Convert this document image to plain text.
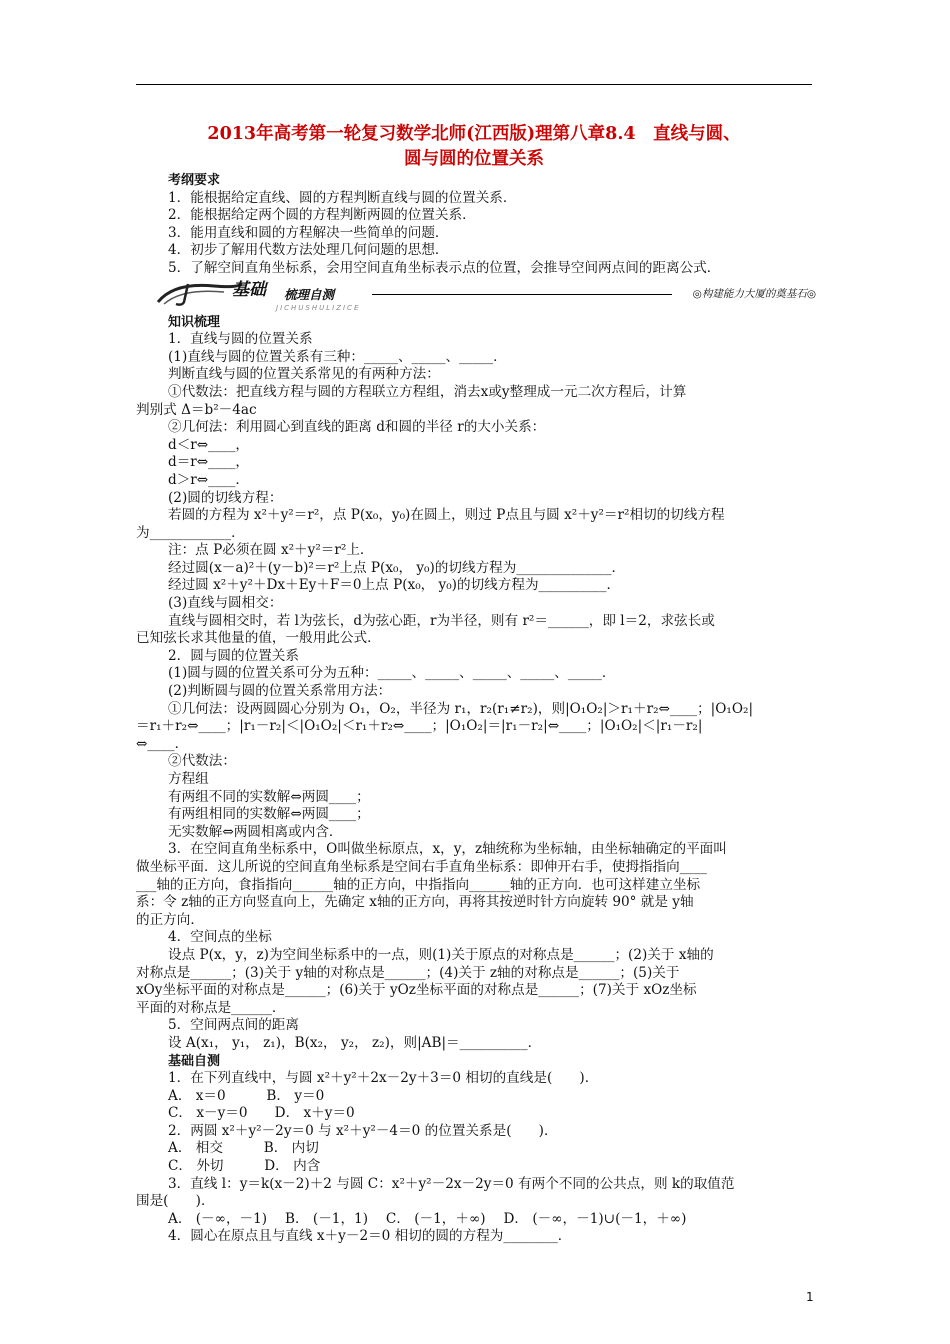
2013年高考第一轮复习数学北师(江西版)理第八章8.4　直线与圆、
圆与圆的位置关系
考纲要求
1．能根据给定直线、圆的方程判断直线与圆的位置关系．
2．能根据给定两个圆的方程判断两圆的位置关系．
3．能用直线和圆的方程解决一些简单的问题．
4．初步了解用代数方法处理几何问题的思想．
5．了解空间直角坐标系，会用空间直角坐标表示点的位置，会推导空间两点间的距离公式．
基础 梳理自测
JICHUSHULIZICE
◎构建能力大厦的奠基石◎
知识梳理
1．直线与圆的位置关系
(1)直线与圆的位置关系有三种：_____、_____、_____．
判断直线与圆的位置关系常见的有两种方法：
①代数法：把直线方程与圆的方程联立方程组，消去x或y整理成一元二次方程后，计算
判别式 Δ＝b²－4ac
②几何法：利用圆心到直线的距离 d和圆的半径 r的大小关系：
d＜r⇔____，
d＝r⇔____，
d＞r⇔____．
(2)圆的切线方程：
若圆的方程为 x²＋y²＝r²，点 P(x₀，y₀)在圆上，则过 P点且与圆 x²＋y²＝r²相切的切线方程
为____________．
注：点 P必须在圆 x²＋y²＝r²上．
经过圆(x－a)²＋(y－b)²＝r²上点 P(x₀， y₀)的切线方程为______________．
经过圆 x²＋y²＋Dx＋Ey＋F＝0上点 P(x₀， y₀)的切线方程为__________．
(3)直线与圆相交：
直线与圆相交时，若 l为弦长，d为弦心距，r为半径，则有 r²＝______，即 l＝2，求弦长或
已知弦长求其他量的值，一般用此公式．
2．圆与圆的位置关系
(1)圆与圆的位置关系可分为五种：_____、_____、_____、_____、_____．
(2)判断圆与圆的位置关系常用方法：
①几何法：设两圆圆心分别为 O₁，O₂，半径为 r₁，r₂(r₁≠r₂)，则|O₁O₂|＞r₁＋r₂⇔____；|O₁O₂|
＝r₁＋r₂⇔____；|r₁－r₂|＜|O₁O₂|＜r₁＋r₂⇔____；|O₁O₂|＝|r₁－r₂|⇔____；|O₁O₂|＜|r₁－r₂|
⇔____．
②代数法：
方程组
有两组不同的实数解⇔两圆____；
有两组相同的实数解⇔两圆____；
无实数解⇔两圆相离或内含．
3．在空间直角坐标系中，O叫做坐标原点，x，y，z轴统称为坐标轴，由坐标轴确定的平面叫
做坐标平面．这儿所说的空间直角坐标系是空间右手直角坐标系：即伸开右手，使拇指指向____
___轴的正方向，食指指向______轴的正方向，中指指向______轴的正方向．也可这样建立坐标
系：令 z轴的正方向竖直向上，先确定 x轴的正方向，再将其按逆时针方向旋转 90° 就是 y轴
的正方向．
4．空间点的坐标
设点 P(x，y，z)为空间坐标系中的一点，则(1)关于原点的对称点是______；(2)关于 x轴的
对称点是______；(3)关于 y轴的对称点是______；(4)关于 z轴的对称点是______；(5)关于
xOy坐标平面的对称点是______；(6)关于 yOz坐标平面的对称点是______；(7)关于 xOz坐标
平面的对称点是______．
5．空间两点间的距离
设 A(x₁， y₁， z₁)，B(x₂， y₂， z₂)，则|AB|＝__________．
基础自测
1．在下列直线中，与圆 x²＋y²＋2x－2y＋3＝0 相切的直线是(　　)．
A． x＝0　　　B． y＝0
C． x－y＝0　　D． x＋y＝0
2．两圆 x²＋y²－2y＝0 与 x²＋y²－4＝0 的位置关系是(　　)．
A． 相交　　　B． 内切
C． 外切　　　D． 内含
3．直线 l：y＝k(x－2)＋2 与圆 C：x²＋y²－2x－2y＝0 有两个不同的公共点，则 k的取值范
围是(　　)．
A． (－∞，－1)　 B． (－1，1)　 C． (－1，＋∞)　 D． (－∞，－1)∪(－1，＋∞)
4．圆心在原点且与直线 x＋y－2＝0 相切的圆的方程为________．
1
